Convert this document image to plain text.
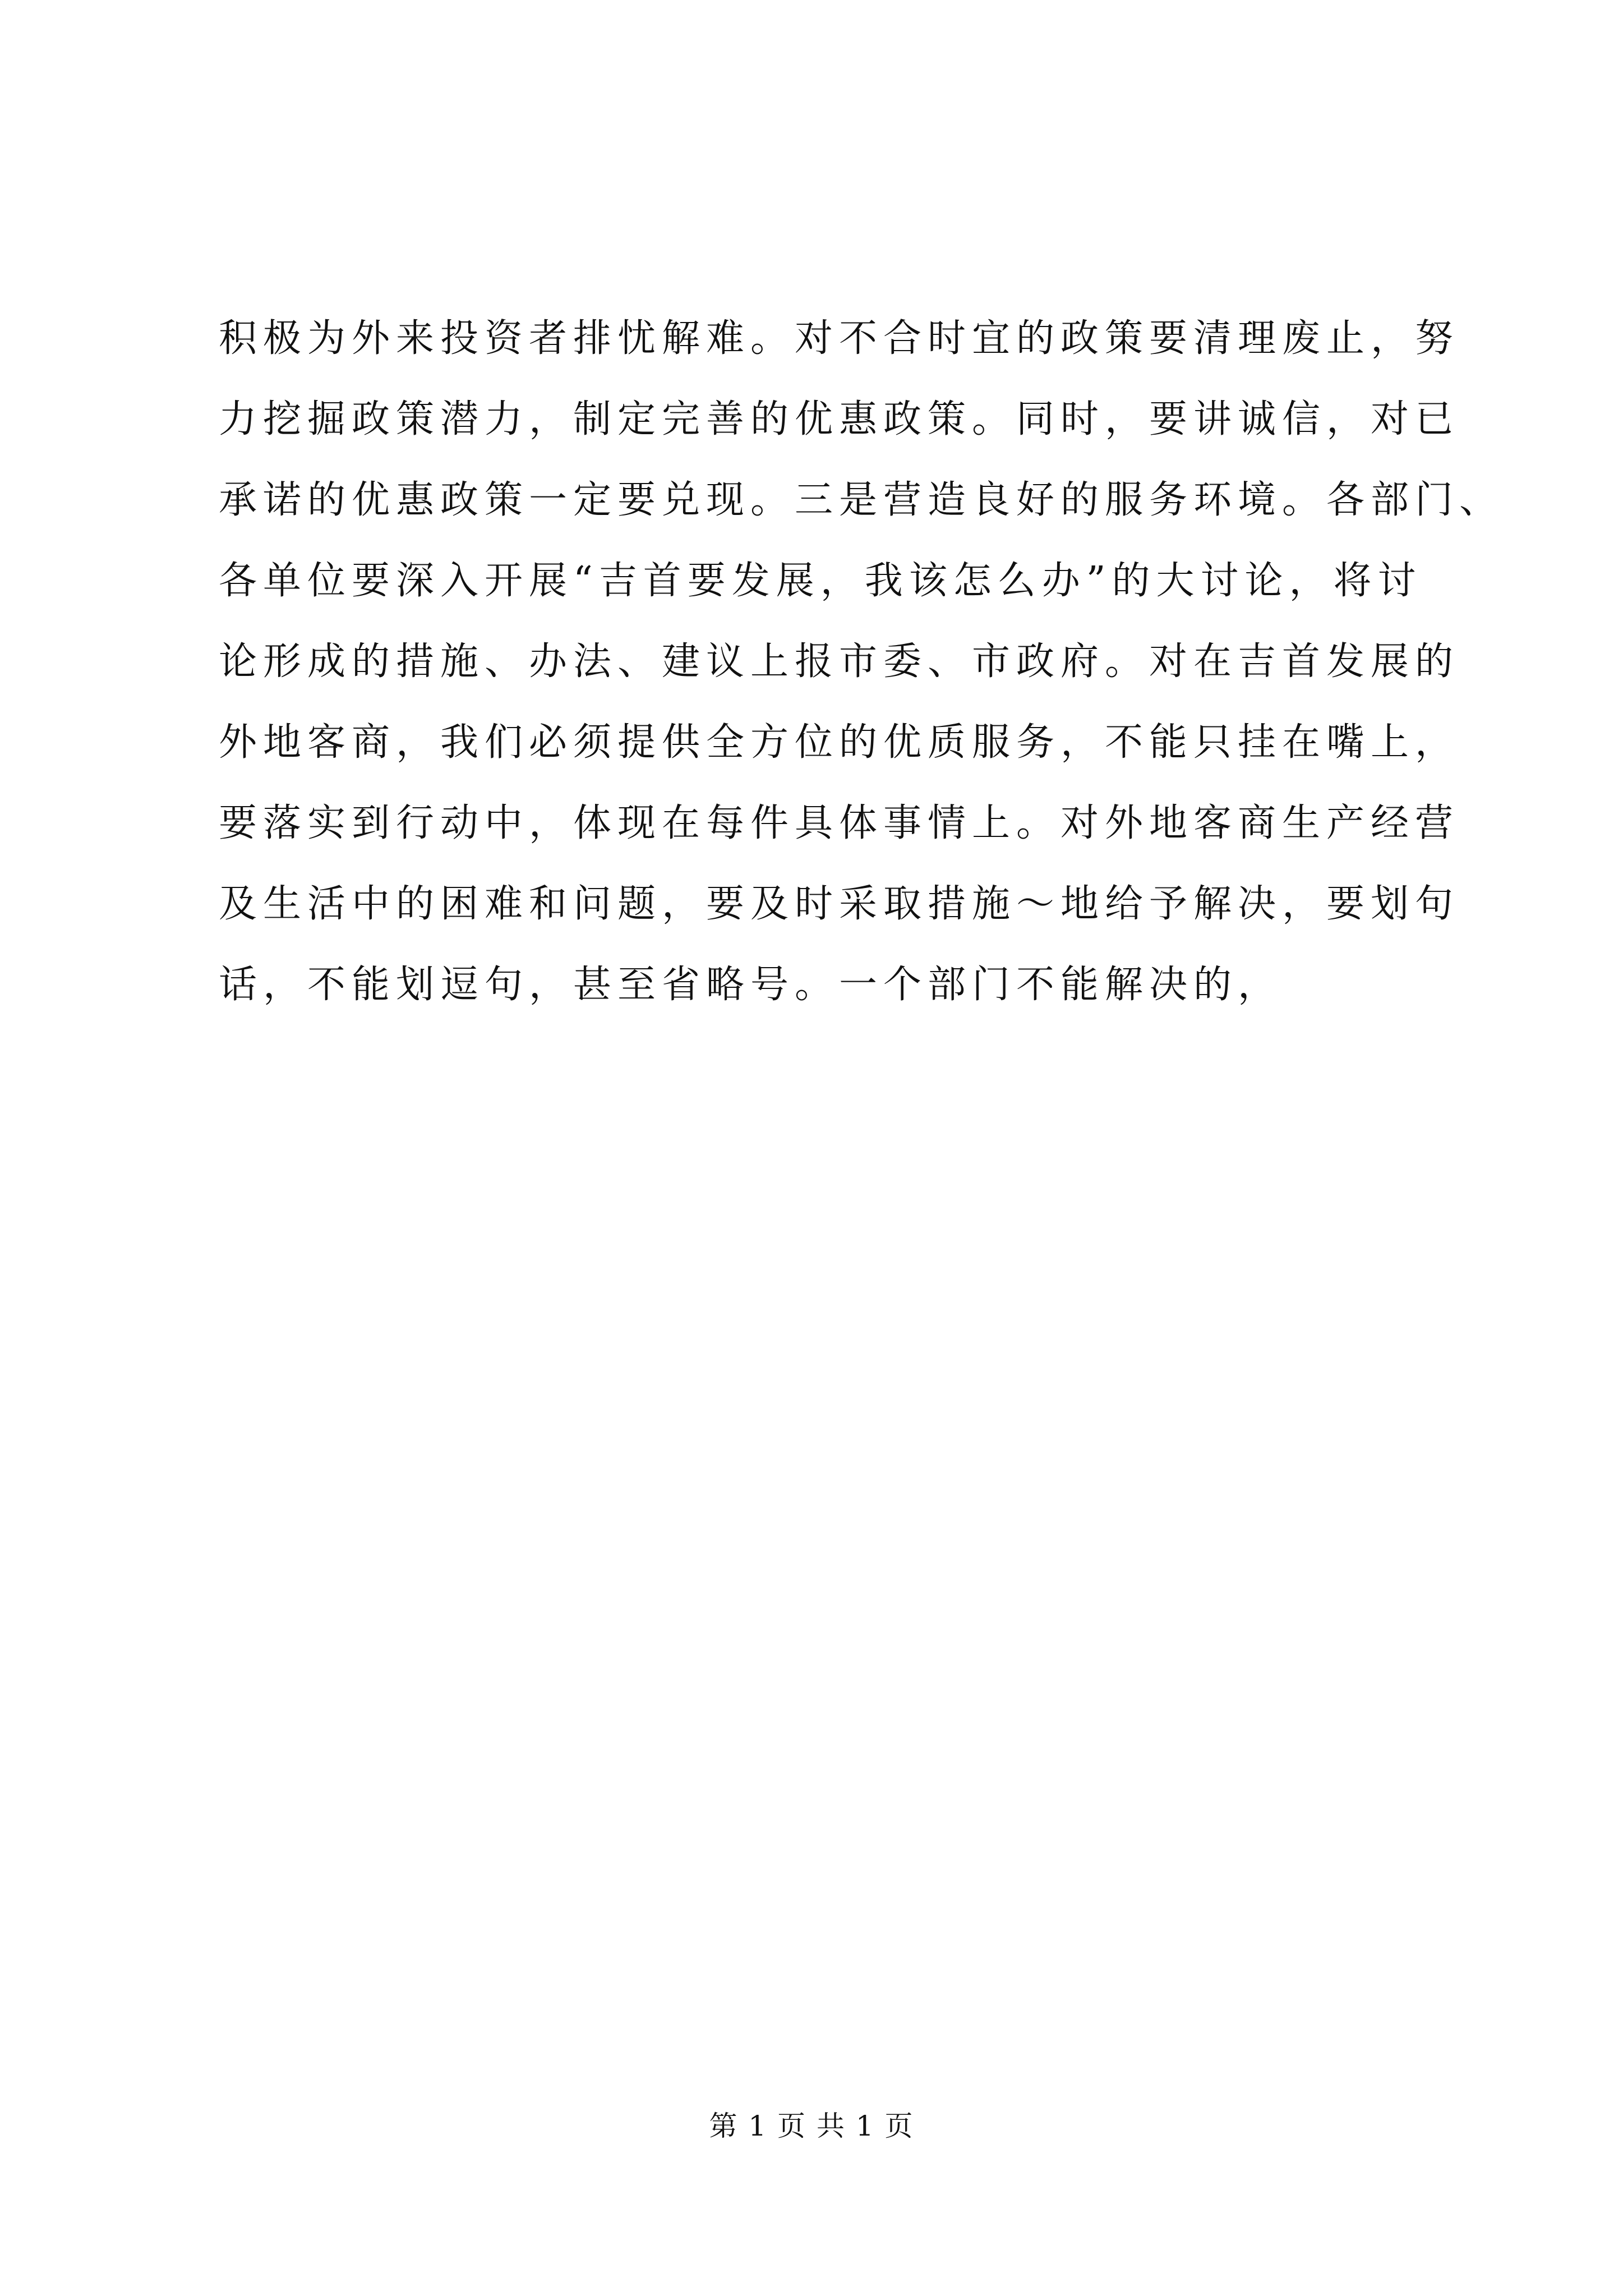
积极为外来投资者排忧解难。对不合时宜的政策要清理废止，努
力挖掘政策潜力，制定完善的优惠政策。同时，要讲诚信，对已
承诺的优惠政策一定要兑现。三是营造良好的服务环境。各部门、
各单位要深入开展“吉首要发展，我该怎么办”的大讨论，将讨
论形成的措施、办法、建议上报市委、市政府。对在吉首发展的
外地客商，我们必须提供全方位的优质服务，不能只挂在嘴上，
要落实到行动中，体现在每件具体事情上。对外地客商生产经营
及生活中的困难和问题，要及时采取措施～地给予解决，要划句
话，不能划逗句，甚至省略号。一个部门不能解决的，
第 1 页 共 1 页
